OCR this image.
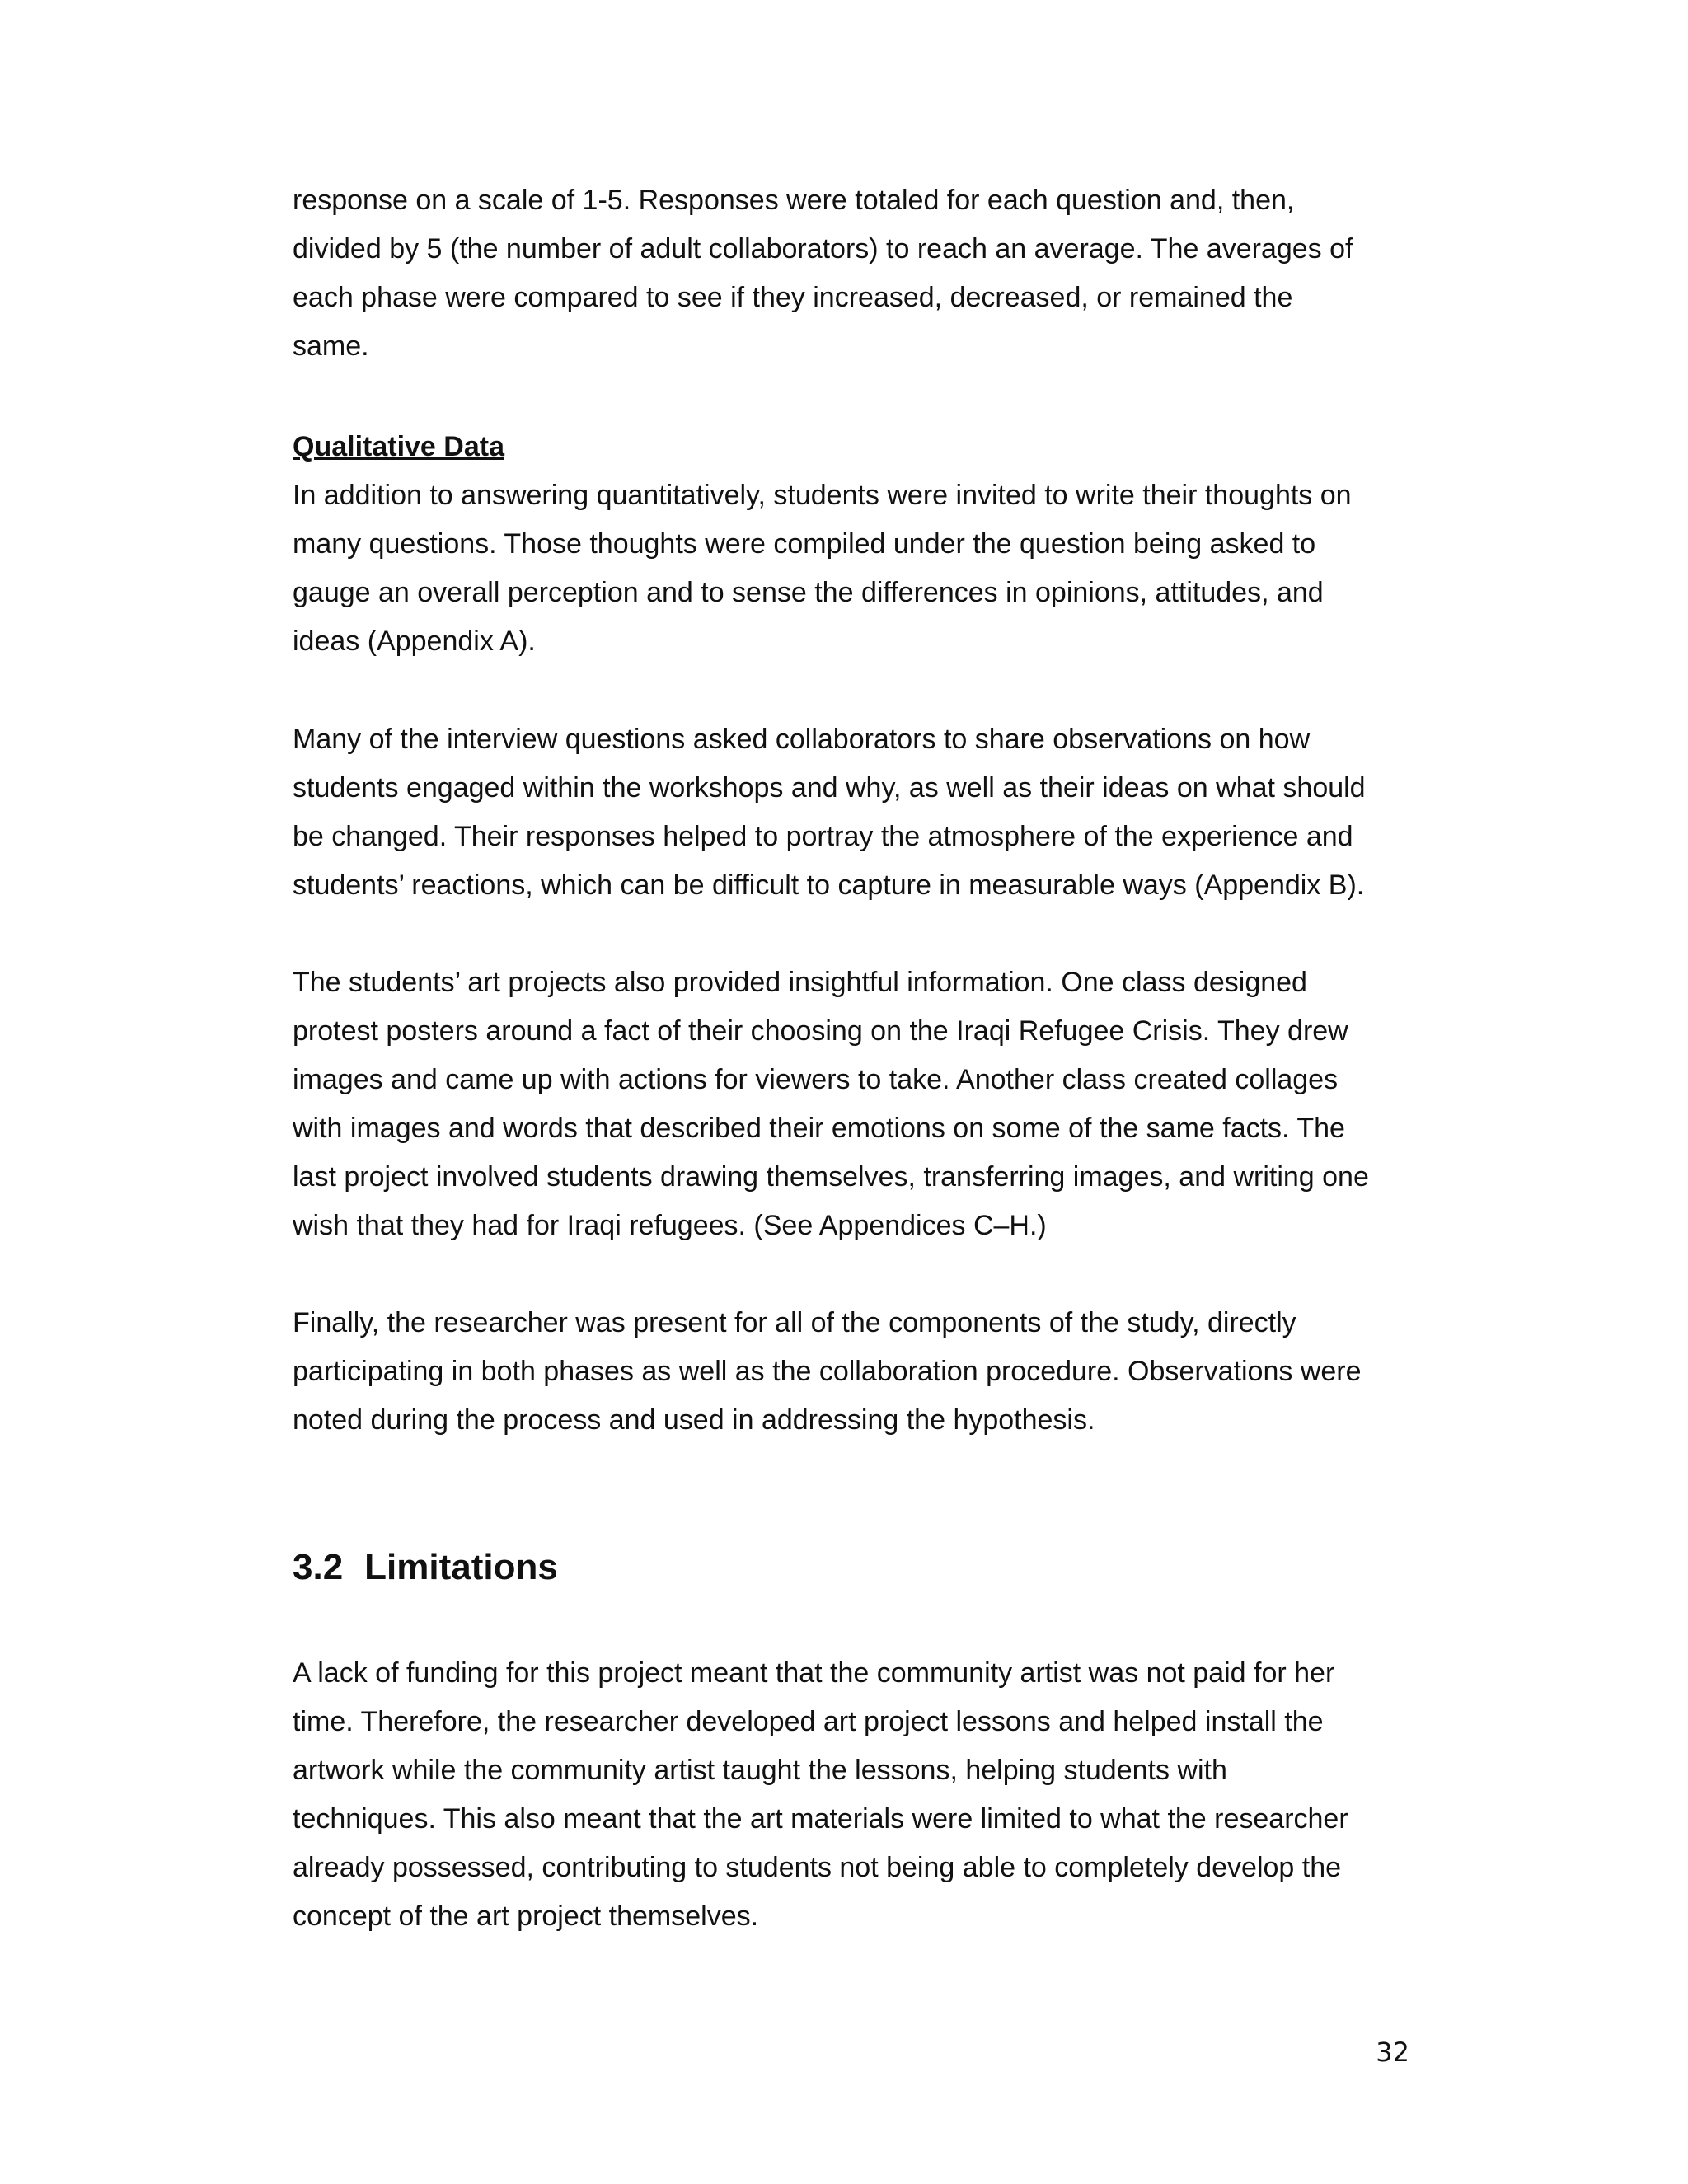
response on a scale of 1-5. Responses were totaled for each question and, then,
divided by 5 (the number of adult collaborators) to reach an average. The averages of
each phase were compared to see if they increased, decreased, or remained the
same.

Qualitative Data

In addition to answering quantitatively, students were invited to write their thoughts on
many questions. Those thoughts were compiled under the question being asked to
gauge an overall perception and to sense the differences in opinions, attitudes, and
ideas (Appendix A).

Many of the interview questions asked collaborators to share observations on how
students engaged within the workshops and why, as well as their ideas on what should
be changed. Their responses helped to portray the atmosphere of the experience and
students’ reactions, which can be difficult to capture in measurable ways (Appendix B).

The students’ art projects also provided insightful information. One class designed
protest posters around a fact of their choosing on the Iraqi Refugee Crisis. They drew
images and came up with actions for viewers to take. Another class created collages
with images and words that described their emotions on some of the same facts. The
last project involved students drawing themselves, transferring images, and writing one
wish that they had for Iraqi refugees. (See Appendices C–H.)

Finally, the researcher was present for all of the components of the study, directly
participating in both phases as well as the collaboration procedure. Observations were
noted during the process and used in addressing the hypothesis.

3.2 Limitations

A lack of funding for this project meant that the community artist was not paid for her
time. Therefore, the researcher developed art project lessons and helped install the
artwork while the community artist taught the lessons, helping students with
techniques. This also meant that the art materials were limited to what the researcher
already possessed, contributing to students not being able to completely develop the
concept of the art project themselves.

32
